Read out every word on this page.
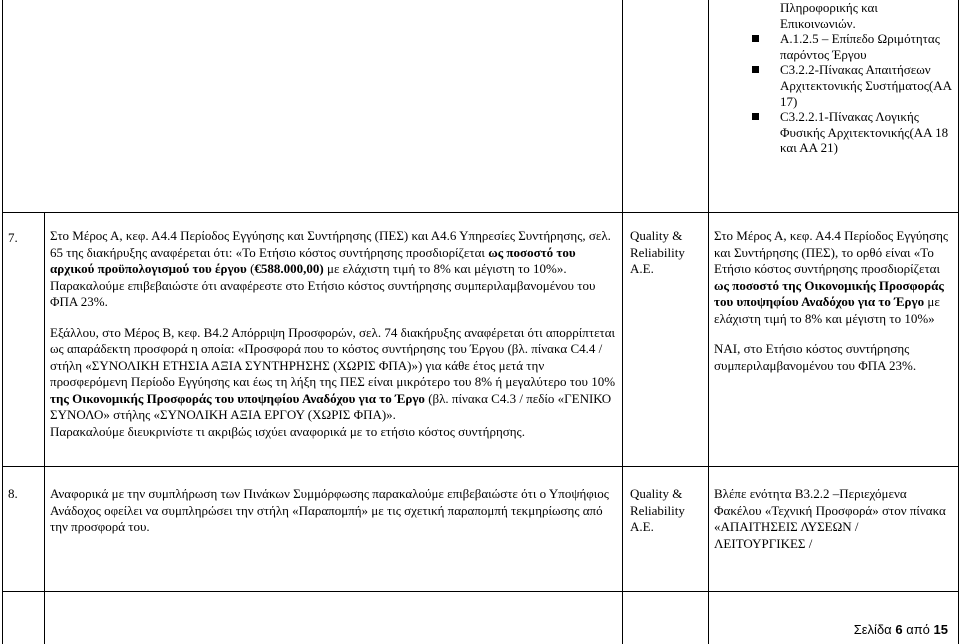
Πληροφορικής και Επικοινωνιών.
Α.1.2.5 – Επίπεδο Ωριμότητας παρόντος Έργου
C3.2.2-Πίνακας Απαιτήσεων Αρχιτεκτονικής Συστήματος(ΑΑ 17)
C3.2.2.1-Πίνακας Λογικής Φυσικής Αρχιτεκτονικής(ΑΑ 18 και ΑΑ 21)
7. Στο Μέρος Α, κεφ. Α4.4 Περίοδος Εγγύησης και Συντήρησης (ΠΕΣ) και Α4.6 Υπηρεσίες Συντήρησης, σελ. 65 της διακήρυξης αναφέρεται ότι: «Το Ετήσιο κόστος συντήρησης προσδιορίζεται ως ποσοστό του αρχικού προϋπολογισμού του έργου (€588.000,00) με ελάχιστη τιμή το 8% και μέγιστη το 10%». Παρακαλούμε επιβεβαιώστε ότι αναφέρεστε στο Ετήσιο κόστος συντήρησης συμπεριλαμβανομένου του ΦΠΑ 23%.

Εξάλλου, στο Μέρος Β, κεφ. Β4.2 Απόρριψη Προσφορών, σελ. 74 διακήρυξης αναφέρεται ότι απορρίπτεται ως απαράδεκτη προσφορά η οποία: «Προσφορά που το κόστος συντήρησης του Έργου (βλ. πίνακα C4.4 / στήλη «ΣΥΝΟΛΙΚΗ ΕΤΗΣΙΑ ΑΞΙΑ ΣΥΝΤΗΡΗΣΗΣ (ΧΩΡΙΣ ΦΠΑ)») για κάθε έτος μετά την προσφερόμενη Περίοδο Εγγύησης και έως τη λήξη της ΠΕΣ είναι μικρότερο του 8% ή μεγαλύτερο του 10% της Οικονομικής Προσφοράς του υποψηφίου Αναδόχου για το Έργο (βλ. πίνακα C4.3 / πεδίο «ΓΕΝΙΚΟ ΣΥΝΟΛΟ» στήλης «ΣΥΝΟΛΙΚΗ ΑΞΙΑ ΕΡΓΟΥ (ΧΩΡΙΣ ΦΠΑ)».

Παρακαλούμε διευκρινίστε τι ακριβώς ισχύει αναφορικά με το ετήσιο κόστος συντήρησης.

Quality & Reliability Α.Ε.

Στο Μέρος Α, κεφ. Α4.4 Περίοδος Εγγύησης και Συντήρησης (ΠΕΣ), το ορθό είναι «Το Ετήσιο κόστος συντήρησης προσδιορίζεται ως ποσοστό της Οικονομικής Προσφοράς του υποψηφίου Αναδόχου για το Έργο με ελάχιστη τιμή το 8% και μέγιστη το 10%»

ΝΑΙ, στο Ετήσιο κόστος συντήρησης συμπεριλαμβανομένου του ΦΠΑ 23%.

8. Αναφορικά με την συμπλήρωση των Πινάκων Συμμόρφωσης παρακαλούμε επιβεβαιώστε ότι ο Υποψήφιος Ανάδοχος οφείλει να συμπληρώσει την στήλη «Παραπομπή» με τις σχετική παραπομπή τεκμηρίωσης από την προσφορά του.
Quality & Reliability Α.Ε.
Βλέπε ενότητα Β3.2.2 –Περιεχόμενα Φακέλου «Τεχνική Προσφορά» στον πίνακα «ΑΠΑΙΤΗΣΕΙΣ ΛΥΣΕΩΝ / ΛΕΙΤΟΥΡΓΙΚΕΣ /
Σελίδα 6 από 15
